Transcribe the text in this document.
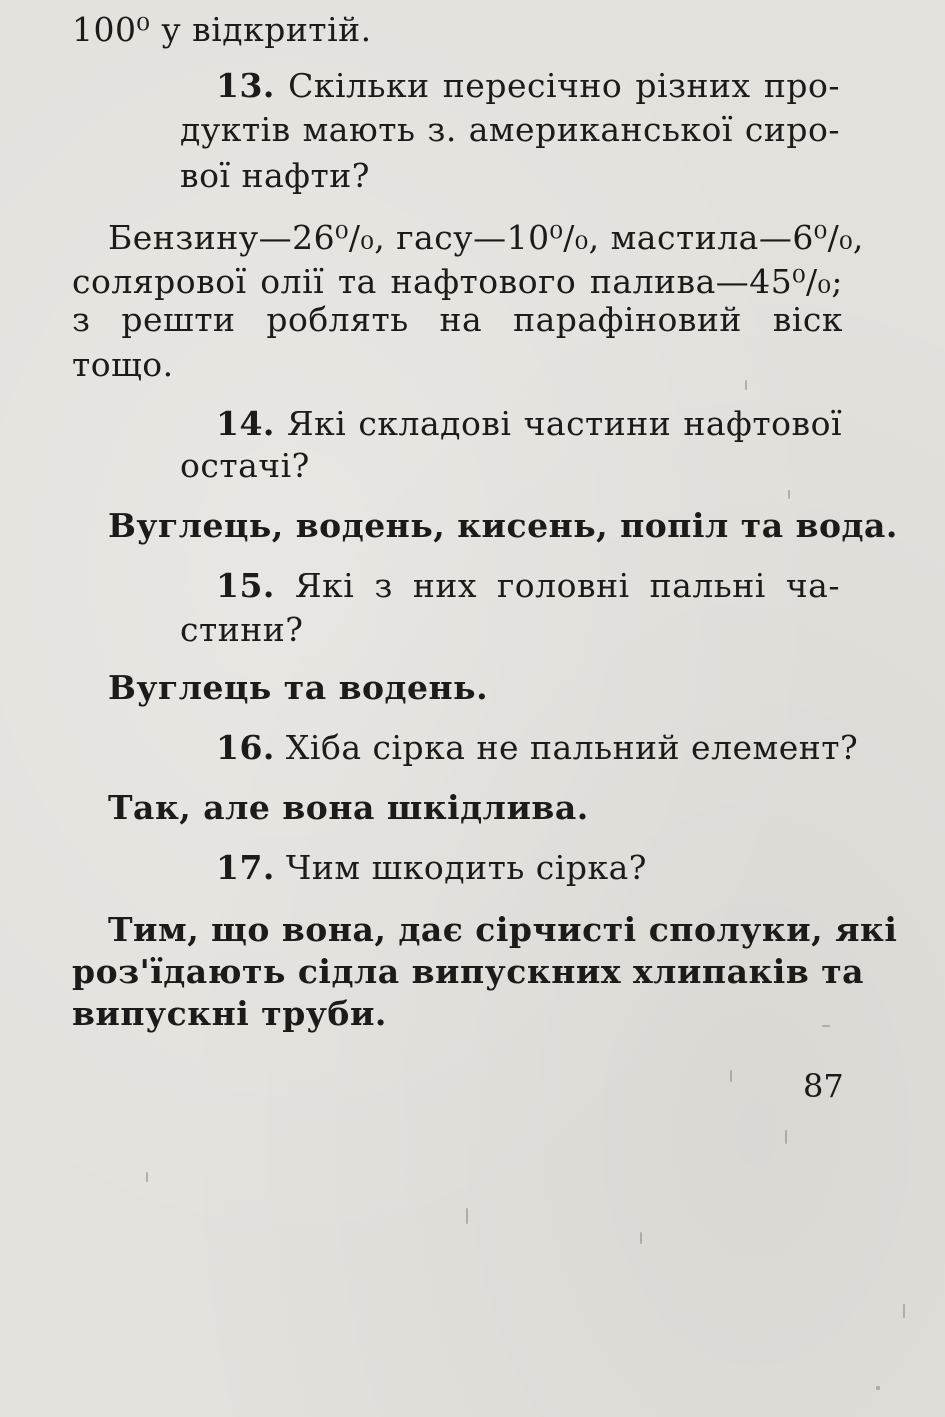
100⁰ у відкритій.
13. Скільки пересічно різних про-
дуктів мають з. американської сиро-
вої нафти?
Бензину—26⁰/₀, гасу—10⁰/₀, мастила—6⁰/₀,
солярової олії та нафтового палива—45⁰/₀;
з решти роблять на парафіновий віск
тощо.
14. Які складові частини нафтової
остачі?
Вуглець, водень, кисень, попіл та вода.
15. Які з них головні пальні ча-
стини?
Вуглець та водень.
16. Хіба сірка не пальний елемент?
Так, але вона шкідлива.
17. Чим шкодить сірка?
Тим, що вона, дає сірчисті сполуки, які
роз'їдають сідла випускних хлипаків та
випускні труби.
87
